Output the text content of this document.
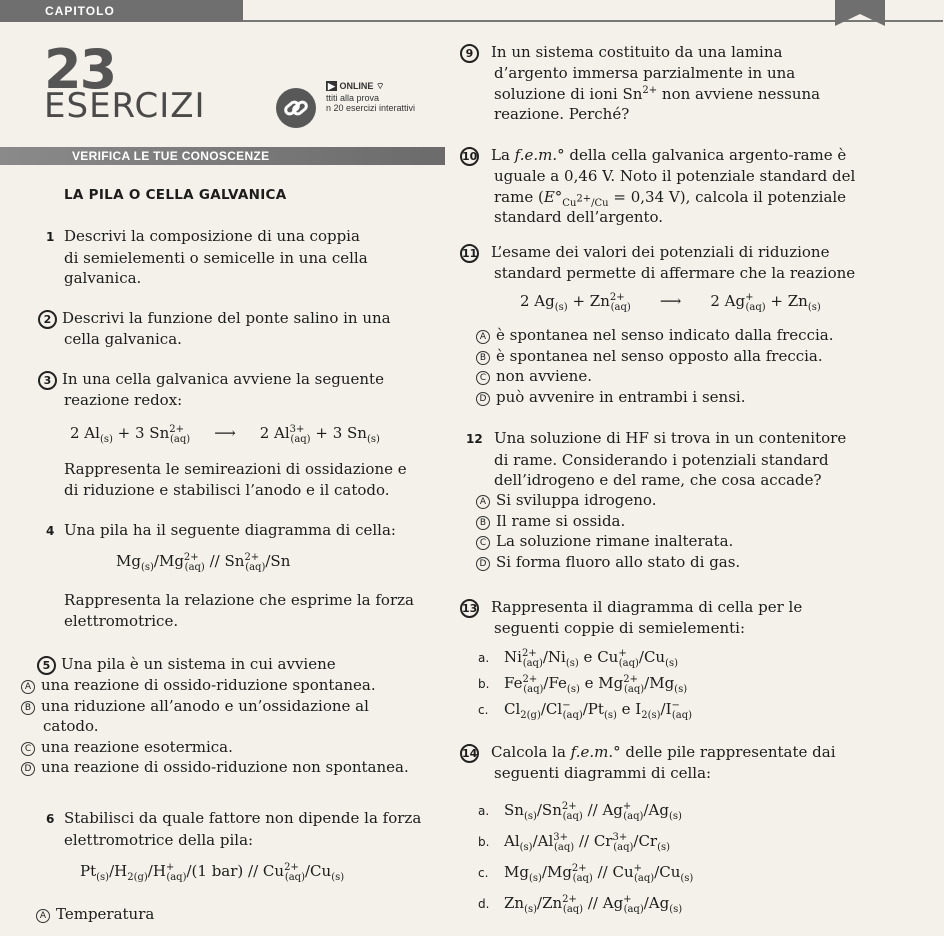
CAPITOLO
23
ESERCIZI	▶ ONLINE ⌔
ttiti alla prova
n 20 esercizi interattivi
VERIFICA LE TUE CONOSCENZE
LA PILA O CELLA GALVANICA
1 Descrivi la composizione di una coppia
di semielementi o semicelle in una cella
galvanica.
2 Descrivi la funzione del ponte salino in una
cella galvanica.
3 In una cella galvanica avviene la seguente
reazione redox:
2 $Al_{(s)} + 3$ $Sn^{2+}_{(aq)}$ ⟶ 2 $Al^{3+}_{(aq)} + 3$ $Sn_{(s)}$
Rappresenta le semireazioni di ossidazione e
di riduzione e stabilisci l’anodo e il catodo.
4 Una pila ha il seguente diagramma di cella:
$Mg_{(s)}/Mg^{2+}_{(aq)} // Sn^{2+}_{(aq)}/Sn$
Rappresenta la relazione che esprime la forza
elettromotrice.
5 Una pila è un sistema in cui avviene
A una reazione di ossido-riduzione spontanea.
B una riduzione all’anodo e un’ossidazione al
catodo.
C una reazione esotermica.
D una reazione di ossido-riduzione non spontanea.
6 Stabilisci da quale fattore non dipende la forza
elettromotrice della pila:
$Pt_{(s)}/H_{2(g)}/H^+_{(aq)}/(1$ $bar) // Cu^{2+}_{(aq)}/Cu_{(s)}$
A Temperatura
9 In un sistema costituito da una lamina
d’argento immersa parzialmente in una
soluzione di ioni $Sn^{2+}$ non avviene nessuna
reazione. Perché?
10 La f.e.m.° della cella galvanica argento-rame è
uguale a 0,46 V. Noto il potenziale standard del
rame ($E^\circ_{Cu^{2+}/Cu} = 0,34$ V), calcola il potenziale
standard dell’argento.
11 L’esame dei valori dei potenziali di riduzione
standard permette di affermare che la reazione
2 $Ag_{(s)} + Zn^{2+}_{(aq)}$ ⟶ 2 $Ag^+_{(aq)} + Zn_{(s)}$
A è spontanea nel senso indicato dalla freccia.
B è spontanea nel senso opposto alla freccia.
C non avviene.
D può avvenire in entrambi i sensi.
12 Una soluzione di HF si trova in un contenitore
di rame. Considerando i potenziali standard
dell’idrogeno e del rame, che cosa accade?
A Si sviluppa idrogeno.
B Il rame si ossida.
C La soluzione rimane inalterata.
D Si forma fluoro allo stato di gas.
13 Rappresenta il diagramma di cella per le
seguenti coppie di semielementi:
a. $Ni^{2+}_{(aq)}/Ni_{(s)}$ e $Cu^+_{(aq)}/Cu_{(s)}$
b. $Fe^{2+}_{(aq)}/Fe_{(s)}$ e $Mg^{2+}_{(aq)}/Mg_{(s)}$
c. $Cl_{2(g)}/Cl^-_{(aq)}/Pt_{(s)}$ e $I_{2(s)}/I^-_{(aq)}$
14 Calcola la f.e.m.° delle pile rappresentate dai
seguenti diagrammi di cella:
a. $Sn_{(s)}/Sn^{2+}_{(aq)} // Ag^+_{(aq)}/Ag_{(s)}$
b. $Al_{(s)}/Al^{3+}_{(aq)} // Cr^{3+}_{(aq)}/Cr_{(s)}$
c. $Mg_{(s)}/Mg^{2+}_{(aq)} // Cu^+_{(aq)}/Cu_{(s)}$
d. $Zn_{(s)}/Zn^{2+}_{(aq)} // Ag^+_{(aq)}/Ag_{(s)}$
